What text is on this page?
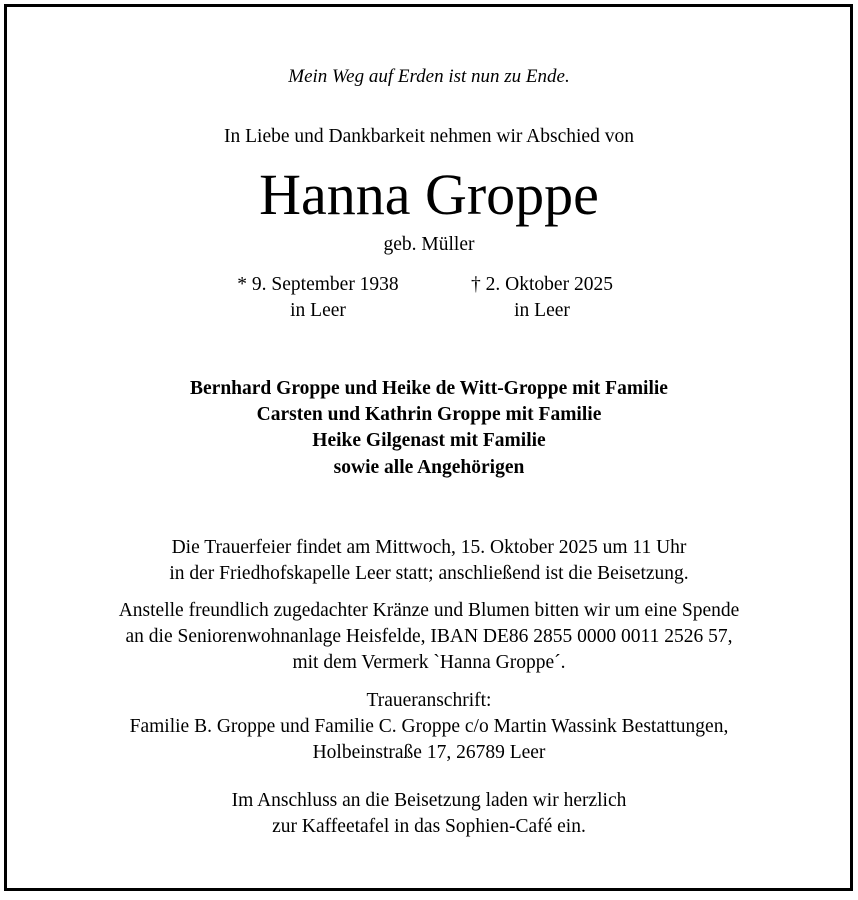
Mein Weg auf Erden ist nun zu Ende.
In Liebe und Dankbarkeit nehmen wir Abschied von
Hanna Groppe
geb. Müller
* 9. September 1938
in Leer
† 2. Oktober 2025
in Leer
Bernhard Groppe und Heike de Witt-Groppe mit Familie
Carsten und Kathrin Groppe mit Familie
Heike Gilgenast mit Familie
sowie alle Angehörigen
Die Trauerfeier findet am Mittwoch, 15. Oktober 2025 um 11 Uhr
in der Friedhofskapelle Leer statt; anschließend ist die Beisetzung.
Anstelle freundlich zugedachter Kränze und Blumen bitten wir um eine Spende
an die Seniorenwohnanlage Heisfelde, IBAN DE86 2855 0000 0011 2526 57,
mit dem Vermerk `Hanna Groppe´.
Traueranschrift:
Familie B. Groppe und Familie C. Groppe c/o Martin Wassink Bestattungen,
Holbeinstraße 17, 26789 Leer
Im Anschluss an die Beisetzung laden wir herzlich
zur Kaffeetafel in das Sophien-Café ein.
